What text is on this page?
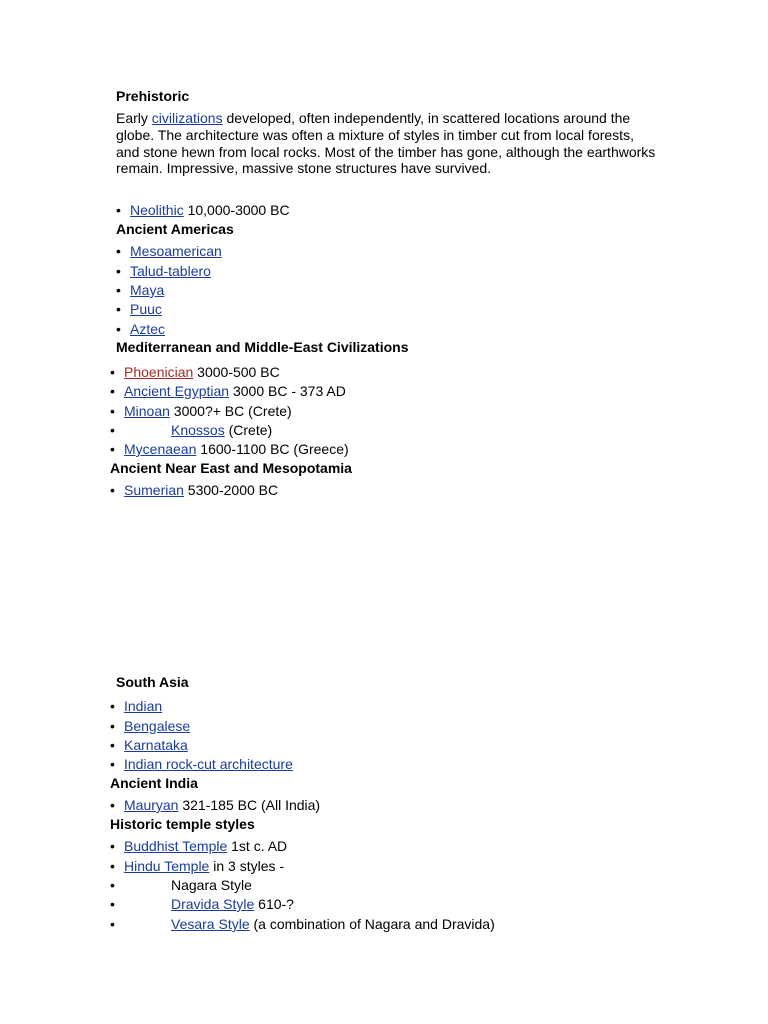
Prehistoric
Early civilizations developed, often independently, in scattered locations around the globe. The architecture was often a mixture of styles in timber cut from local forests, and stone hewn from local rocks. Most of the timber has gone, although the earthworks remain. Impressive, massive stone structures have survived.
• Neolithic 10,000-3000 BC
Ancient Americas
• Mesoamerican
• Talud-tablero
• Maya
• Puuc
• Aztec
Mediterranean and Middle-East Civilizations
• Phoenician 3000-500 BC
• Ancient Egyptian 3000 BC - 373 AD
• Minoan 3000?+ BC (Crete)
•	Knossos (Crete)
• Mycenaean 1600-1100 BC (Greece)
Ancient Near East and Mesopotamia
• Sumerian 5300-2000 BC
South Asia
• Indian
• Bengalese
• Karnataka
• Indian rock-cut architecture
Ancient India
• Mauryan 321-185 BC (All India)
Historic temple styles
• Buddhist Temple 1st c. AD
• Hindu Temple in 3 styles -
•	Nagara Style
•	Dravida Style 610-?
•	Vesara Style (a combination of Nagara and Dravida)
